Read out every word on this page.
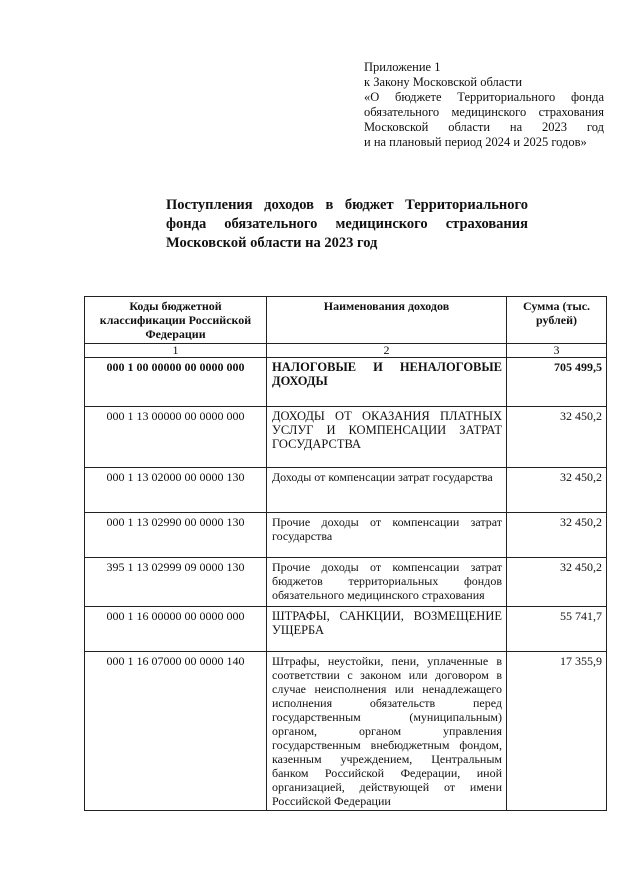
Приложение 1
к Закону Московской области
«О бюджете Территориального фонда
обязательного медицинского страхования
Московской области на 2023 год
и на плановый период 2024 и 2025 годов»
Поступления доходов в бюджет Территориального
фонда обязательного медицинского страхования
Московской области на 2023 год
Коды бюджетной классификации Российской Федерации	Наименования доходов	Сумма (тыс. рублей)
1	2	3
000 1 00 00000 00 0000 000	НАЛОГОВЫЕ И НЕНАЛОГОВЫЕ ДОХОДЫ	705 499,5
000 1 13 00000 00 0000 000	ДОХОДЫ ОТ ОКАЗАНИЯ ПЛАТНЫХ УСЛУГ И КОМПЕНСАЦИИ ЗАТРАТ ГОСУДАРСТВА	32 450,2
000 1 13 02000 00 0000 130	Доходы от компенсации затрат государства	32 450,2
000 1 13 02990 00 0000 130	Прочие доходы от компенсации затрат государства	32 450,2
395 1 13 02999 09 0000 130	Прочие доходы от компенсации затрат бюджетов территориальных фондов обязательного медицинского страхования	32 450,2
000 1 16 00000 00 0000 000	ШТРАФЫ, САНКЦИИ, ВОЗМЕЩЕНИЕ УЩЕРБА	55 741,7
000 1 16 07000 00 0000 140	Штрафы, неустойки, пени, уплаченные в соответствии с законом или договором в случае неисполнения или ненадлежащего исполнения обязательств перед государственным (муниципальным) органом, органом управления государственным внебюджетным фондом, казенным учреждением, Центральным банком Российской Федерации, иной организацией, действующей от имени Российской Федерации	17 355,9
